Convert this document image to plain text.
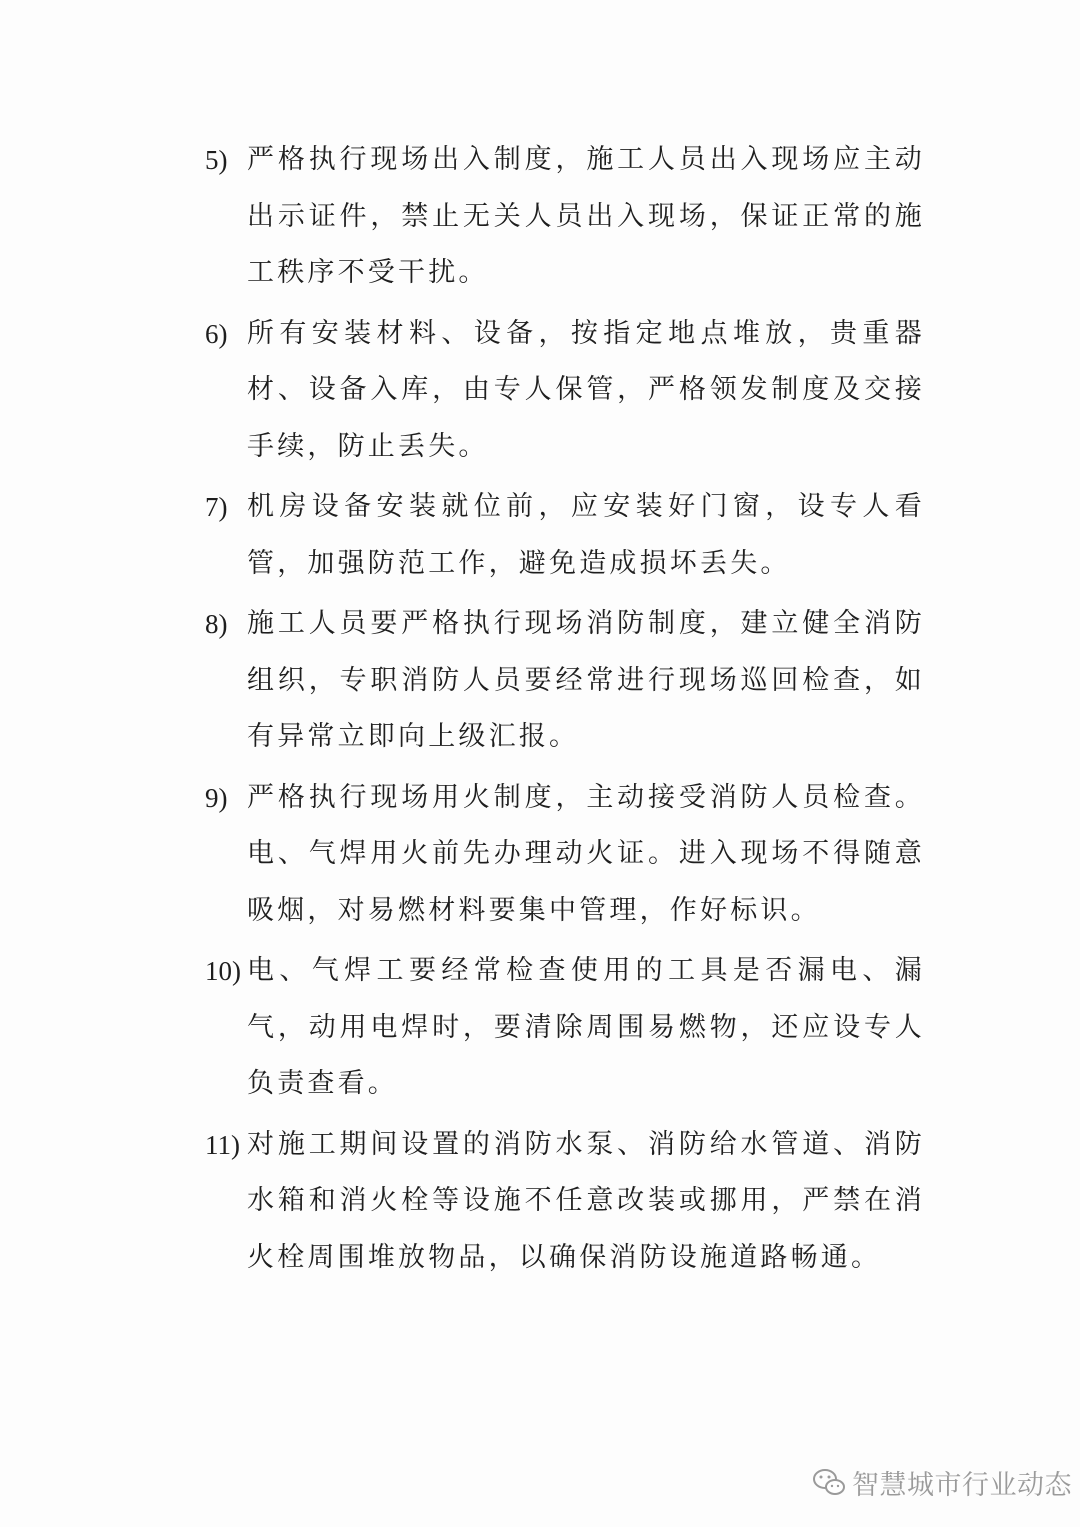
5) 严格执行现场出入制度，施工人员出入现场应主动出示证件，禁止无关人员出入现场，保证正常的施工秩序不受干扰。
6) 所有安装材料、设备，按指定地点堆放，贵重器材、设备入库，由专人保管，严格领发制度及交接手续，防止丢失。
7) 机房设备安装就位前，应安装好门窗，设专人看管，加强防范工作，避免造成损坏丢失。
8) 施工人员要严格执行现场消防制度，建立健全消防组织，专职消防人员要经常进行现场巡回检查，如有异常立即向上级汇报。
9) 严格执行现场用火制度，主动接受消防人员检查。电、气焊用火前先办理动火证。进入现场不得随意吸烟，对易燃材料要集中管理，作好标识。
10) 电、气焊工要经常检查使用的工具是否漏电、漏气，动用电焊时，要清除周围易燃物，还应设专人负责查看。
11) 对施工期间设置的消防水泵、消防给水管道、消防水箱和消火栓等设施不任意改装或挪用，严禁在消火栓周围堆放物品，以确保消防设施道路畅通。
智慧城市行业动态
